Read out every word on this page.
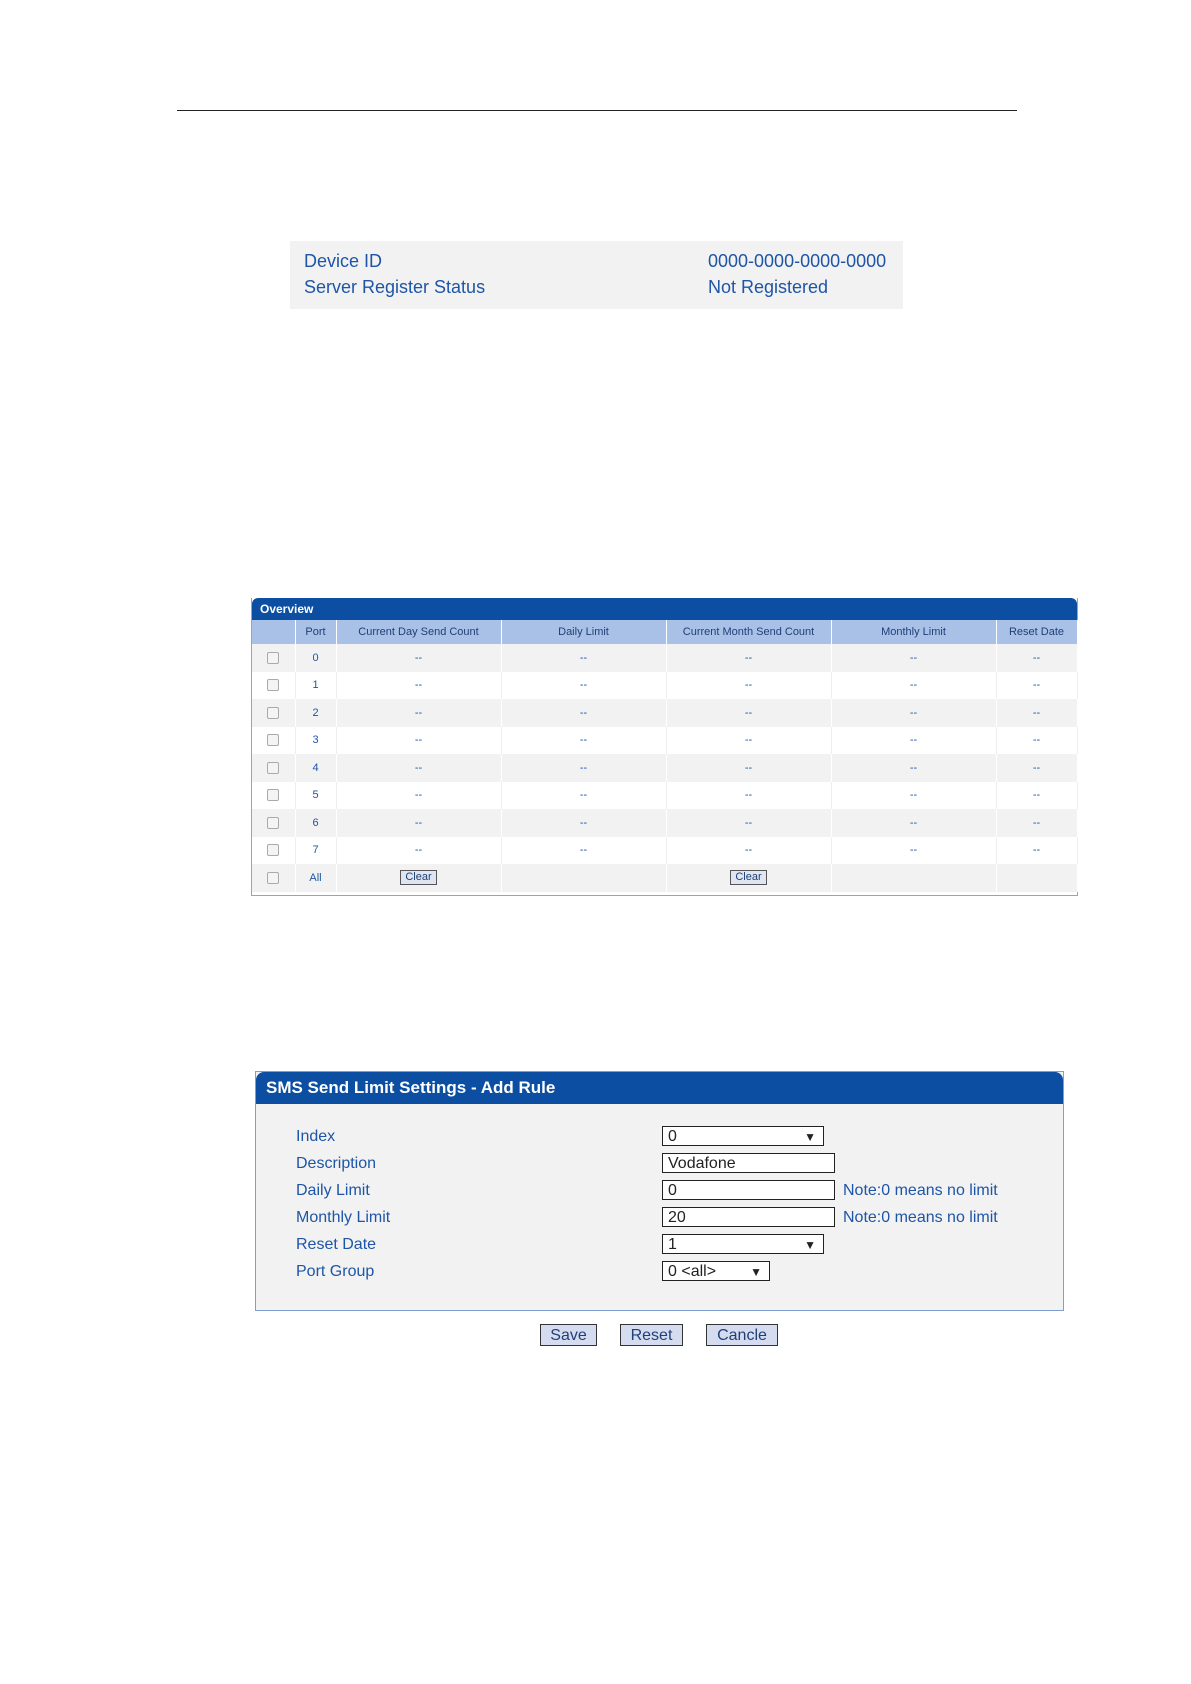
Device ID	0000-0000-0000-0000
Server Register Status	Not Registered
Overview
	Port	Current Day Send Count	Daily Limit	Current Month Send Count	Monthly Limit	Reset Date
	0	--	--	--	--	--
	1	--	--	--	--	--
	2	--	--	--	--	--
	3	--	--	--	--	--
	4	--	--	--	--	--
	5	--	--	--	--	--
	6	--	--	--	--	--
	7	--	--	--	--	--
	All	Clear		Clear		
SMS Send Limit Settings - Add Rule
Index	0	▼
Description	Vodafone
Daily Limit	0	Note:0 means no limit
Monthly Limit	20	Note:0 means no limit
Reset Date	1	▼
Port Group	0 <all>	▼
Save	Reset	Cancle
